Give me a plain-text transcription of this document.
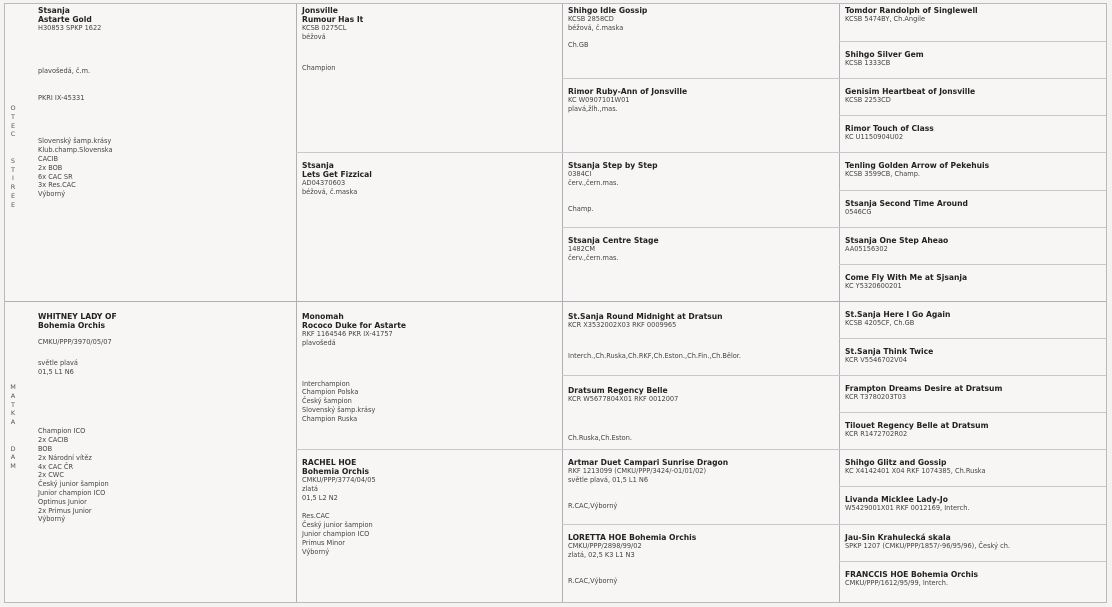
O
T
E
C

S
T
I
R
E
E
M
A
T
K
A

D
A
M
Stsanja
Astarte Gold
H30853 SPKP 1622
plavošedá, č.m.
PKRI IX-45331
Slovenský šamp.krásy
Klub.champ.Slovenska
CACIB
2x BOB
6x CAC SR
3x Res.CAC
Výborný
WHITNEY LADY OF
Bohemia Orchis
CMKU/PPP/3970/05/07
světle plavá
01,5 L1 N6
Champion ICO
2x CACIB
BOB
2x Národní vítěz
4x CAC ČR
2x CWC
Český junior šampion
Junior champion ICO
Optimus Junior
2x Primus Junior
Výborný
Jonsville
Rumour Has It
KCSB 0275CL
béžová
Champion
Stsanja
Lets Get Fizzical
AD04370603
béžová, č.maska
Monomah
Rococo Duke for Astarte
RKF 1164546 PKR IX-41757
plavošedá
Interchampion
Champion Polska
Český šampion
Slovenský šamp.krásy
Champion Ruska
RACHEL HOE
Bohemia Orchis
CMKU/PPP/3774/04/05
zlatá
01,5 L2 N2
Res.CAC
Český junior šampion
Junior champion ICO
Primus Minor
Výborný
Shihgo Idle Gossip
KCSB 2858CD
béžová, č.maska
Ch.GB
Rimor Ruby-Ann of Jonsville
KC W0907101W01
plavá,žlh.,mas.
Stsanja Step by Step
0384CI
červ.,čern.mas.
Champ.
Stsanja Centre Stage
1482CM
červ.,čern.mas.
St.Sanja Round Midnight at Dratsun
KCR X3532002X03 RKF 0009965
Interch.,Ch.Ruska,Ch.RKF,Ch.Eston.,Ch.Fin.,Ch.Bělor.
Dratsum Regency Belle
KCR W5677804X01 RKF 0012007
Ch.Ruska,Ch.Eston.
Artmar Duet Campari Sunrise Dragon
RKF 1213099 (CMKU/PPP/3424/-01/01/02)
světle plavá, 01,5 L1 N6
R.CAC,Výborný
LORETTA HOE Bohemia Orchis
CMKU/PPP/2898/99/02
zlatá, 02,5 K3 L1 N3
R.CAC,Výborný
Tomdor Randolph of Singlewell
KCSB 5474BY, Ch.Angile
Shihgo Silver Gem
KCSB 1333CB
Genisim Heartbeat of Jonsville
KCSB 2253CD
Rimor Touch of Class
KC U1150904U02
Tenling Golden Arrow of Pekehuis
KCSB 3599CB, Champ.
Stsanja Second Time Around
0546CG
Stsanja One Step Aheao
AA05156302
Come Fly With Me at Sjsanja
KC Y5320600201
St.Sanja Here I Go Again
KCSB 4205CF, Ch.GB
St.Sanja Think Twice
KCR V5546702V04
Frampton Dreams Desire at Dratsum
KCR T3780203T03
Tilouet Regency Belle at Dratsum
KCR R1472702R02
Shihgo Glitz and Gossip
KC X4142401 X04 RKF 1074385, Ch.Ruska
Livanda Micklee Lady-Jo
W5429001X01 RKF 0012169, Interch.
Jau-Sin Krahulecká skala
SPKP 1207 (CMKU/PPP/1857/-96/95/96), Český ch.
FRANCCIS HOE Bohemia Orchis
CMKU/PPP/1612/95/99, Interch.
